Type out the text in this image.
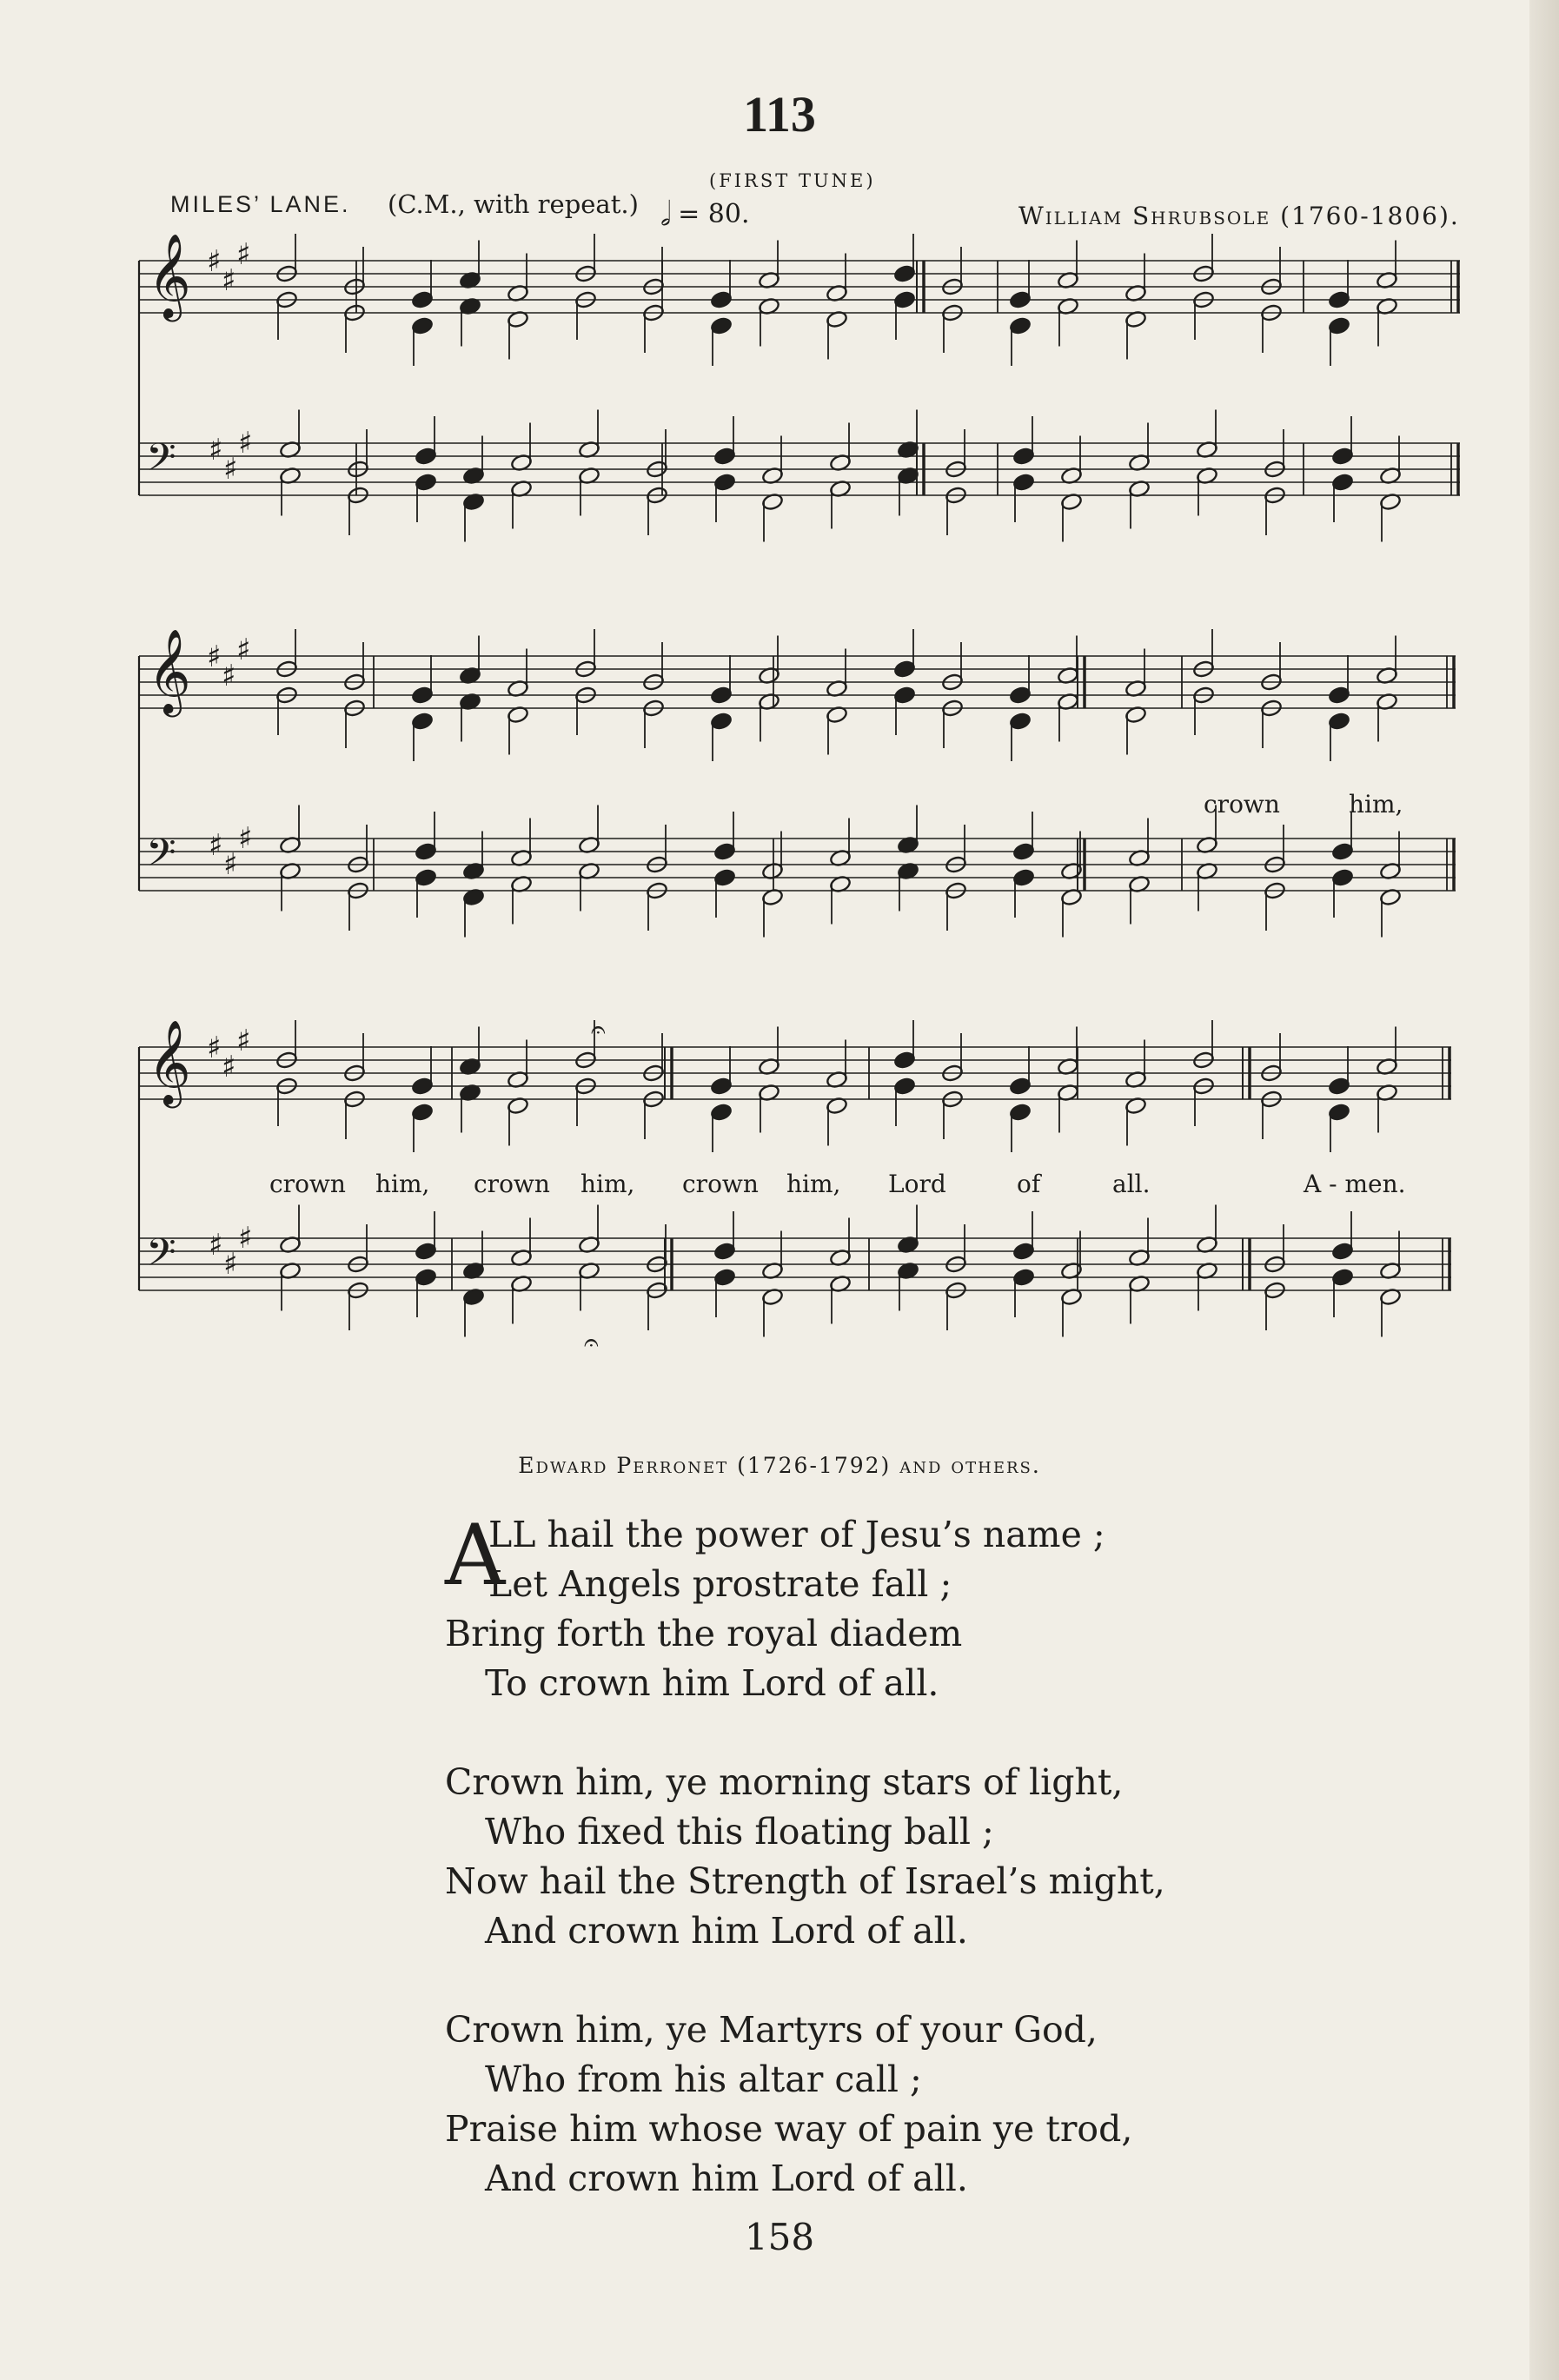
113
MILES’ LANE. (C.M., with repeat.)
(FIRST TUNE)
𝅗𝅥 = 80.	William Shrubsole (1760-1806).
𝄞
𝄢
♯
♯
♯
♯
♯
♯
𝄞
𝄢
♯
♯
♯
♯
♯
♯
𝄞
𝄢
♯
♯
♯
♯
♯
♯
crown	him,
crown him, crown him, crown him, Lord	of	all.	A - men.
𝄐
𝄐
Edward Perronet (1726-1792) and others.
A
LL hail the power of Jesu’s name ;
Let Angels prostrate fall ;
Bring forth the royal diadem
To crown him Lord of all.
Crown him, ye morning stars of light,
Who fixed this floating ball ;
Now hail the Strength of Israel’s might,
And crown him Lord of all.
Crown him, ye Martyrs of your God,
Who from his altar call ;
Praise him whose way of pain ye trod,
And crown him Lord of all.
158
